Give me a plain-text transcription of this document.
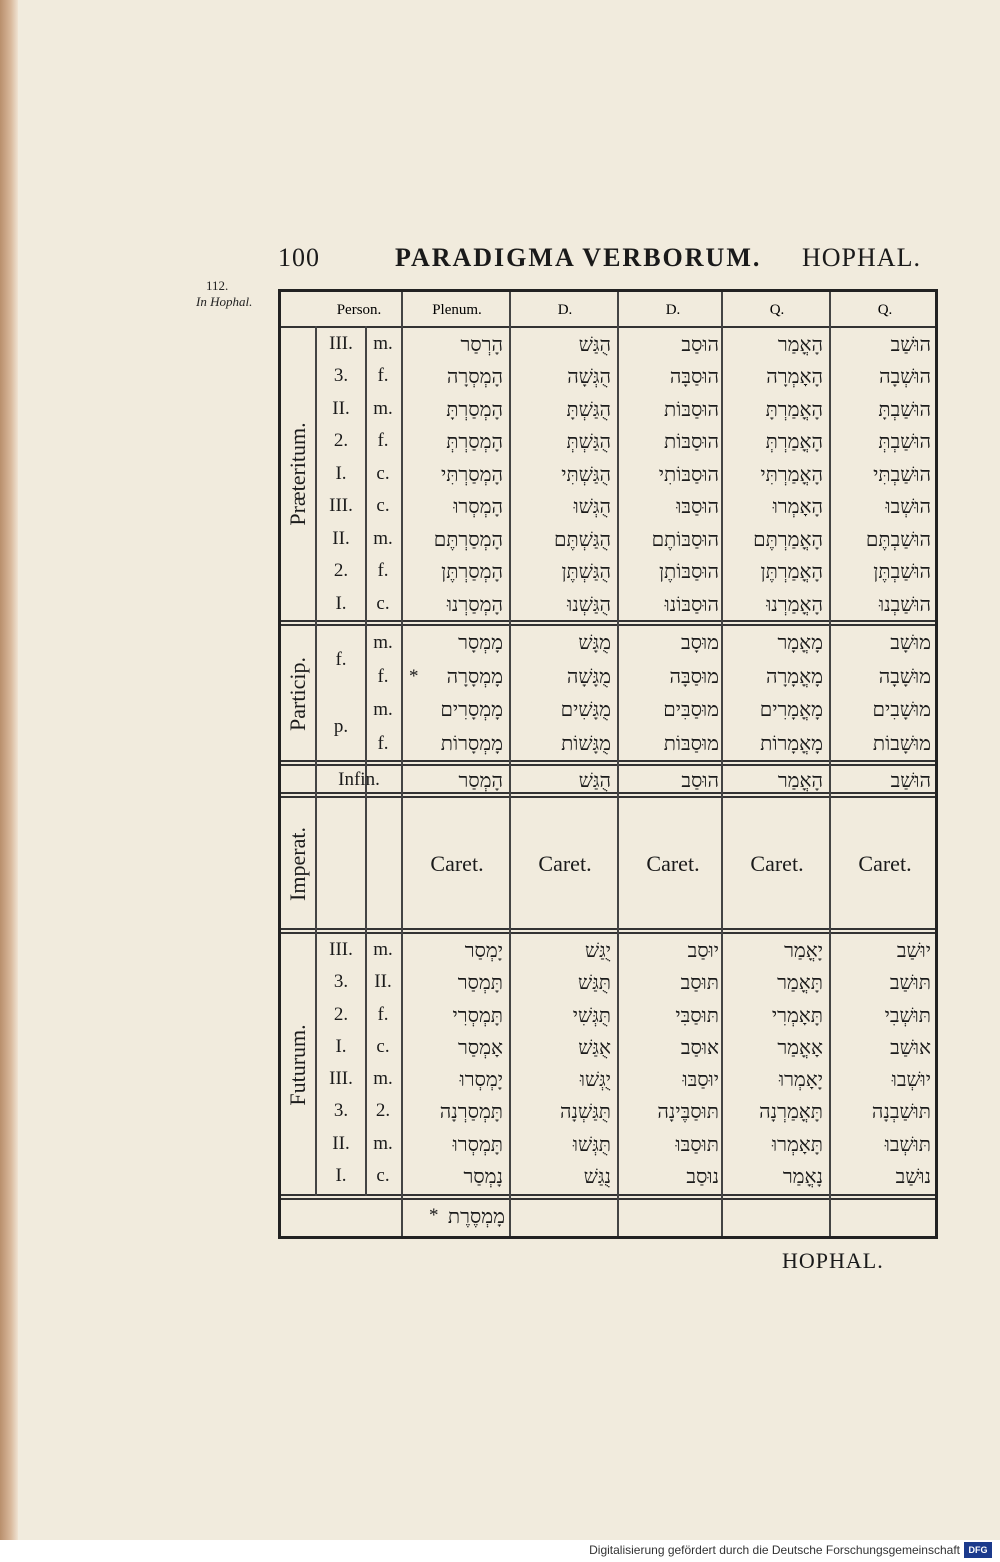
100	PARADIGMA VERBORUM. HOPHAL.
112.
In Hophal.
Person.	Plenum.	D.	D.	Q.	Q.
Præteritum.
III.	m.	הָרְסַר	הֻגַּשׁ	הוּסַב	הָאֳמַר	הוּשַׁב
3.	f.	הָמְסְרָה	הֻגְּשָׁה	הוּסַבָּה	הָאָמְרָה	הוּשְׁבָה
II.	m.	הָמְסַרְתָּ	הֻגַּשְׁתָּ	הוּסַבּוֹת	הָאֳמַרְתָּ	הוּשַׁבְתָּ
2.	f.	הָמְסַרְתְּ	הֻגַּשְׁתְּ	הוּסַבּוֹת	הָאֳמַרְתְּ	הוּשַׁבְתְּ
I.	c.	הָמְסַרְתִּי	הֻגַּשְׁתִּי	הוּסַבּוֹתִי	הָאֳמַרְתִּי	הוּשַׁבְתִּי
III.	c.	הָמְסְרוּ	הֻגְּשׁוּ	הוּסַבּוּ	הָאָמְרוּ	הוּשְׁבוּ
II.	m.	הָמְסַרְתֶּם	הֻגַּשְׁתֶּם	הוּסַבּוֹתֶם	הָאֳמַרְתֶּם	הוּשַׁבְתֶּם
2.	f.	הָמְסַרְתֶּן	הֻגַּשְׁתֶּן	הוּסַבּוֹתֶן	הָאֳמַרְתֶּן	הוּשַׁבְתֶּן
I.	c.	הָמְסַרְנוּ	הֻגַּשְׁנוּ	הוּסַבּוֹנוּ	הָאֳמַרְנוּ	הוּשַׁבְנוּ
Particip.	f.
p.
m.	מָמְסָר	מֻגָּשׁ	מוּסָב	מָאֳמָר	מוּשָׁב
f.	*	מָמְסָרָה	מֻגָּשָׁה	מוּסַבָּה	מָאֳמָרָה	מוּשָׁבָה
m.	מָמְסָרִים	מֻגָּשִׁים	מוּסַבִּים	מָאֳמָרִים	מוּשָׁבִים
f.	מָמְסָרוֹת	מֻגָּשׁוֹת	מוּסַבּוֹת	מָאֳמָרוֹת	מוּשָׁבוֹת
Infin.	הָמְסַר	הֻגַּשׁ	הוּסַב	הָאֳמַר	הוּשַׁב
Imperat.	Caret.	Caret.	Caret.	Caret.	Caret.
Futurum.
III.	m.	יָמְסַר	יֻגַּשׁ	יוּסַב	יָאֳמַר	יוּשַׁב
3.	II.	תָּמְסַר	תֻּגַּשׁ	תּוּסַב	תָּאֳמַר	תּוּשַׁב
2.	f.	תָּמְסְרִי	תֻּגְּשִׁי	תּוּסַבִּי	תָּאָמְרִי	תּוּשְׁבִי
I.	c.	אָמְסַר	אֻגַּשׁ	אוּסַב	אָאֳמַר	אוּשַׁב
III.	m.	יָמְסְרוּ	יֻגְּשׁוּ	יוּסַבּוּ	יָאָמְרוּ	יוּשְׁבוּ
3.	2.	תָּמְסַרְנָה	תֻּגַּשְׁנָה	תּוּסַבֶּינָה	תָּאֳמַרְנָה	תּוּשַׁבְנָה
II.	m.	תָּמְסְרוּ	תֻּגְּשׁוּ	תּוּסַבּוּ	תָּאָמְרוּ	תּוּשְׁבוּ
I.	c.	נָמְסַר	נֻגַּשׁ	נוּסַב	נָאֳמַר	נוּשַׁב
* מָמְסֶרֶת
HOPHAL.
Digitalisierung gefördert durch die Deutsche Forschungsgemeinschaft DFG
